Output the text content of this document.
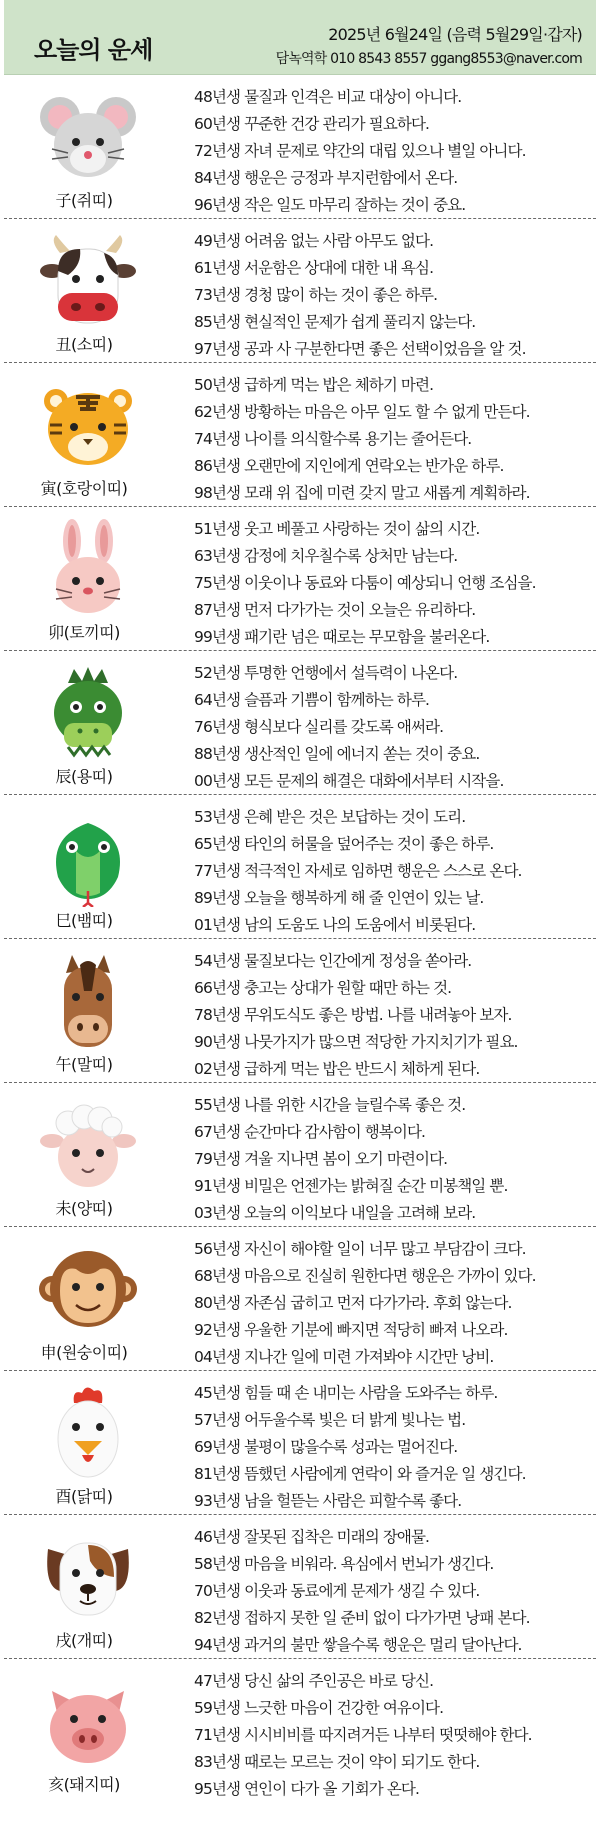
오늘의 운세
2025년 6월24일 (음력 5월29일·갑자)
담녹역학 010 8543 8557 ggang8553@naver.com
子(쥐띠)
48년생 물질과 인격은 비교 대상이 아니다.
60년생 꾸준한 건강 관리가 필요하다.
72년생 자녀 문제로 약간의 대립 있으나 별일 아니다.
84년생 행운은 긍정과 부지런함에서 온다.
96년생 작은 일도 마무리 잘하는 것이 중요.
丑(소띠)
49년생 어려움 없는 사람 아무도 없다.
61년생 서운함은 상대에 대한 내 욕심.
73년생 경청 많이 하는 것이 좋은 하루.
85년생 현실적인 문제가 쉽게 풀리지 않는다.
97년생 공과 사 구분한다면 좋은 선택이었음을 알 것.
寅(호랑이띠)
50년생 급하게 먹는 밥은 체하기 마련.
62년생 방황하는 마음은 아무 일도 할 수 없게 만든다.
74년생 나이를 의식할수록 용기는 줄어든다.
86년생 오랜만에 지인에게 연락오는 반가운 하루.
98년생 모래 위 집에 미련 갖지 말고 새롭게 계획하라.
卯(토끼띠)
51년생 웃고 베풀고 사랑하는 것이 삶의 시간.
63년생 감정에 치우칠수록 상처만 남는다.
75년생 이웃이나 동료와 다툼이 예상되니 언행 조심을.
87년생 먼저 다가가는 것이 오늘은 유리하다.
99년생 패기란 넘은 때로는 무모함을 불러온다.
辰(용띠)
52년생 투명한 언행에서 설득력이 나온다.
64년생 슬픔과 기쁨이 함께하는 하루.
76년생 형식보다 실리를 갖도록 애써라.
88년생 생산적인 일에 에너지 쏟는 것이 중요.
00년생 모든 문제의 해결은 대화에서부터 시작을.
巳(뱀띠)
53년생 은혜 받은 것은 보답하는 것이 도리.
65년생 타인의 허물을 덮어주는 것이 좋은 하루.
77년생 적극적인 자세로 임하면 행운은 스스로 온다.
89년생 오늘을 행복하게 해 줄 인연이 있는 날.
01년생 남의 도움도 나의 도움에서 비롯된다.
午(말띠)
54년생 물질보다는 인간에게 정성을 쏟아라.
66년생 충고는 상대가 원할 때만 하는 것.
78년생 무위도식도 좋은 방법. 나를 내려놓아 보자.
90년생 나뭇가지가 많으면 적당한 가지치기가 필요.
02년생 급하게 먹는 밥은 반드시 체하게 된다.
未(양띠)
55년생 나를 위한 시간을 늘릴수록 좋은 것.
67년생 순간마다 감사함이 행복이다.
79년생 겨울 지나면 봄이 오기 마련이다.
91년생 비밀은 언젠가는 밝혀질 순간 미봉책일 뿐.
03년생 오늘의 이익보다 내일을 고려해 보라.
申(원숭이띠)
56년생 자신이 해야할 일이 너무 많고 부담감이 크다.
68년생 마음으로 진실히 원한다면 행운은 가까이 있다.
80년생 자존심 굽히고 먼저 다가가라. 후회 않는다.
92년생 우울한 기분에 빠지면 적당히 빠져 나오라.
04년생 지나간 일에 미련 가져봐야 시간만 낭비.
酉(닭띠)
45년생 힘들 때 손 내미는 사람을 도와주는 하루.
57년생 어두울수록 빛은 더 밝게 빛나는 법.
69년생 불평이 많을수록 성과는 멀어진다.
81년생 뜸했던 사람에게 연락이 와 즐거운 일 생긴다.
93년생 남을 헐뜯는 사람은 피할수록 좋다.
戌(개띠)
46년생 잘못된 집착은 미래의 장애물.
58년생 마음을 비워라. 욕심에서 번뇌가 생긴다.
70년생 이웃과 동료에게 문제가 생길 수 있다.
82년생 접하지 못한 일 준비 없이 다가가면 낭패 본다.
94년생 과거의 불만 쌓을수록 행운은 멀리 달아난다.
亥(돼지띠)
47년생 당신 삶의 주인공은 바로 당신.
59년생 느긋한 마음이 건강한 여유이다.
71년생 시시비비를 따지려거든 나부터 떳떳해야 한다.
83년생 때로는 모르는 것이 약이 되기도 한다.
95년생 연인이 다가 올 기회가 온다.
